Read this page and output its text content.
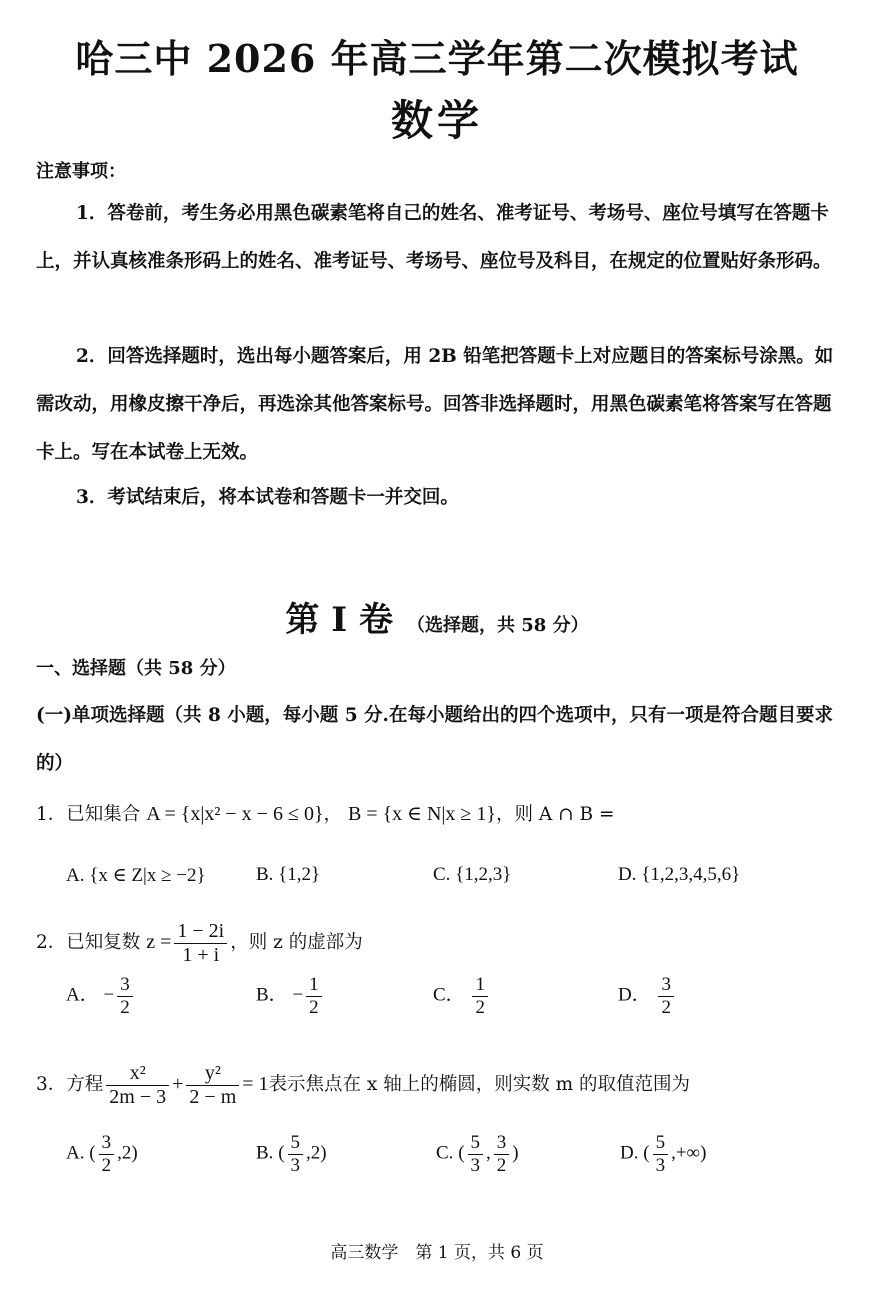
哈三中 2026 年高三学年第二次模拟考试
数学
注意事项：
1．答卷前，考生务必用黑色碳素笔将自己的姓名、准考证号、考场号、座位号填写在答题卡上，并认真核准条形码上的姓名、准考证号、考场号、座位号及科目，在规定的位置贴好条形码。
2．回答选择题时，选出每小题答案后，用 2B 铅笔把答题卡上对应题目的答案标号涂黑。如需改动，用橡皮擦干净后，再选涂其他答案标号。回答非选择题时，用黑色碳素笔将答案写在答题卡上。写在本试卷上无效。
3．考试结束后，将本试卷和答题卡一并交回。
第 I 卷 （选择题，共 58 分）
一、选择题（共 58 分）
(一)单项选择题（共 8 小题，每小题 5 分.在每小题给出的四个选项中，只有一项是符合题目要求的）
1．已知集合 A = {x|x² − x − 6 ≤ 0}， B = {x ∈ N|x ≥ 1}，则 A ∩ B =
A. {x ∈ Z|x ≥ −2}	B. {1,2}	C. {1,2,3}	D. {1,2,3,4,5,6}
2．已知复数 $z = \frac{1 - 2i}{1 + i}$ ，则 z 的虚部为
A． − $\frac{3}{2}$	B． − $\frac{1}{2}$	C． $\frac{1}{2}$	D． $\frac{3}{2}$
3．方程 $\frac{\text{x²}}{2m - 3} + \frac{\text{y²}}{2 - m} = 1$表示焦点在 x 轴上的椭圆，则实数 m 的取值范围为
A. ( $\frac{3}{2} ,2$)	B. ( $\frac{5}{3} ,2$)	C. ( $\frac{5}{3}$ , $\frac{3}{2}$ )	D. ( $\frac{5}{3}$ ,+∞)
高三数学　第 1 页，共 6 页
